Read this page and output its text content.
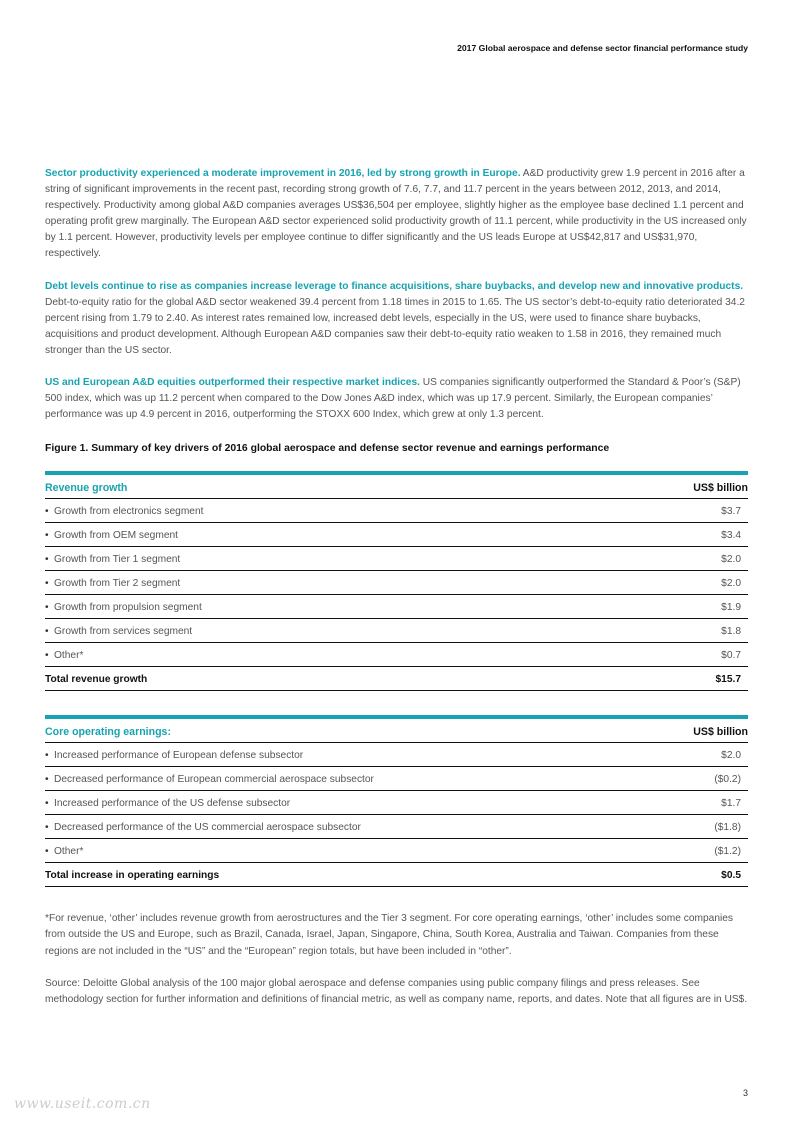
2017 Global aerospace and defense sector financial performance study

Sector productivity experienced a moderate improvement in 2016, led by strong growth in Europe. A&D productivity grew 1.9 percent in 2016 after a string of significant improvements in the recent past, recording strong growth of 7.6, 7.7, and 11.7 percent in the years between 2012, 2013, and 2014, respectively. Productivity among global A&D companies averages US$36,504 per employee, slightly higher as the employee base declined 1.1 percent and operating profit grew marginally. The European A&D sector experienced solid productivity growth of 11.1 percent, while productivity in the US increased only by 1.1 percent. However, productivity levels per employee continue to differ significantly and the US leads Europe at US$42,817 and US$31,970, respectively.

Debt levels continue to rise as companies increase leverage to finance acquisitions, share buybacks, and develop new and innovative products. Debt-to-equity ratio for the global A&D sector weakened 39.4 percent from 1.18 times in 2015 to 1.65. The US sector’s debt-to-equity ratio deteriorated 34.2 percent rising from 1.79 to 2.40. As interest rates remained low, increased debt levels, especially in the US, were used to finance share buybacks, acquisitions and product development. Although European A&D companies saw their debt-to-equity ratio weaken to 1.58 in 2016, they remained much stronger than the US sector.

US and European A&D equities outperformed their respective market indices. US companies significantly outperformed the Standard & Poor’s (S&P) 500 index, which was up 11.2 percent when compared to the Dow Jones A&D index, which was up 17.9 percent. Similarly, the European companies’ performance was up 4.9 percent in 2016, outperforming the STOXX 600 Index, which grew at only 1.3 percent.

Figure 1. Summary of key drivers of 2016 global aerospace and defense sector revenue and earnings performance
Revenue growth	US$ billion
• Growth from electronics segment	$3.7
• Growth from OEM segment	$3.4
• Growth from Tier 1 segment	$2.0
• Growth from Tier 2 segment	$2.0
• Growth from propulsion segment	$1.9
• Growth from services segment	$1.8
• Other*	$0.7
Total revenue growth	$15.7
Core operating earnings:	US$ billion
• Increased performance of European defense subsector	$2.0
• Decreased performance of European commercial aerospace subsector	($0.2)
• Increased performance of the US defense subsector	$1.7
• Decreased performance of the US commercial aerospace subsector	($1.8)
• Other*	($1.2)
Total increase in operating earnings	$0.5

*For revenue, ‘other’ includes revenue growth from aerostructures and the Tier 3 segment. For core operating earnings, ‘other’ includes some companies from outside the US and Europe, such as Brazil, Canada, Israel, Japan, Singapore, China, South Korea, Australia and Taiwan. Companies from these regions are not included in the “US” and the “European” region totals, but have been included in “other”.

Source: Deloitte Global analysis of the 100 major global aerospace and defense companies using public company filings and press releases. See methodology section for further information and definitions of financial metric, as well as company name, reports, and dates. Note that all figures are in US$.

3
www.useit.com.cn
